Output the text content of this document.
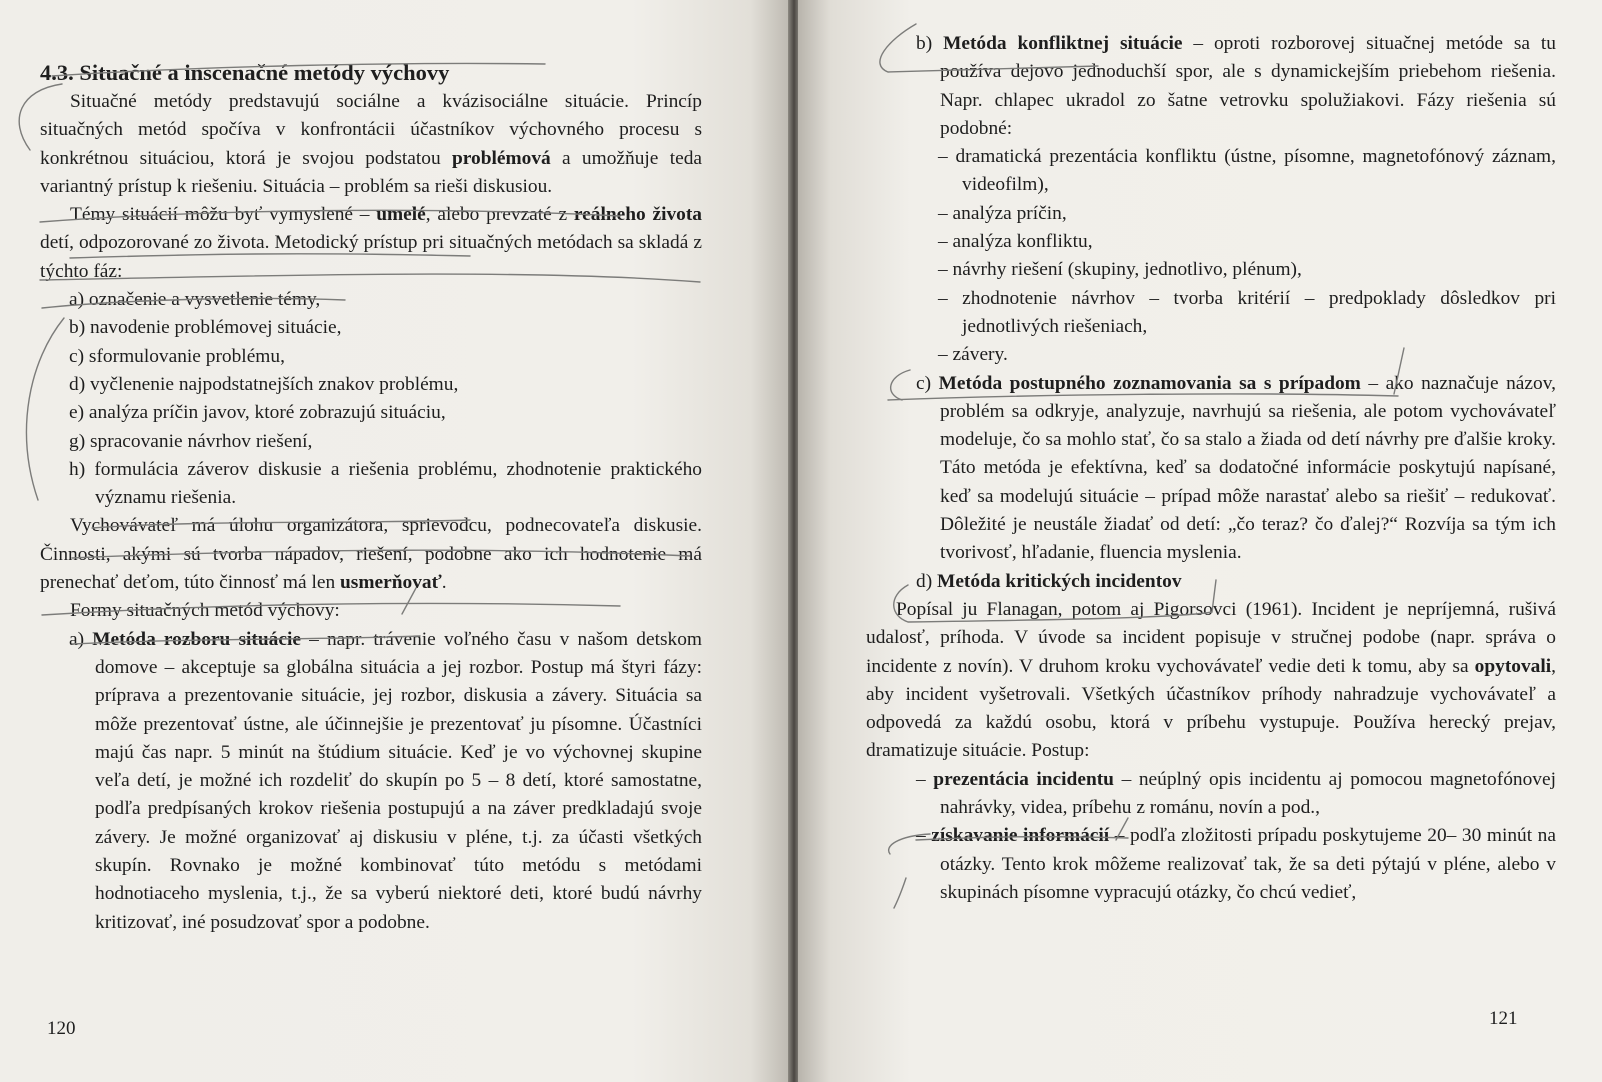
4.3. Situačné a inscenačné metódy výchovy

Situačné metódy predstavujú sociálne a kvázisociálne situácie. Princíp situačných metód spočíva v konfrontácii účastníkov výchovného procesu s konkrétnou situáciou, ktorá je svojou podstatou problémová a umožňuje teda variantný prístup k riešeniu. Situácia – problém sa rieši diskusiou.

Témy situácií môžu byť vymyslené – umelé, alebo prevzaté z reálneho života detí, odpozorované zo života. Metodický prístup pri situačných metódach sa skladá z týchto fáz:

a) označenie a vysvetlenie témy,

b) navodenie problémovej situácie,

c) sformulovanie problému,

d) vyčlenenie najpodstatnejších znakov problému,

e) analýza príčin javov, ktoré zobrazujú situáciu,

g) spracovanie návrhov riešení,

h) formulácia záverov diskusie a riešenia problému, zhodnotenie praktického významu riešenia.

Vychovávateľ má úlohu organizátora, sprievodcu, podnecovateľa diskusie. Činnosti, akými sú tvorba nápadov, riešení, podobne ako ich hodnotenie má prenechať deťom, túto činnosť má len usmerňovať.

Formy situačných metód výchovy:

a) Metóda rozboru situácie – napr. trávenie voľného času v našom detskom domove – akceptuje sa globálna situácia a jej rozbor. Postup má štyri fázy: príprava a prezentovanie situácie, jej rozbor, diskusia a závery. Situácia sa môže prezentovať ústne, ale účinnejšie je prezentovať ju písomne. Účastníci majú čas napr. 5 minút na štúdium situácie. Keď je vo výchovnej skupine veľa detí, je možné ich rozdeliť do skupín po 5 – 8 detí, ktoré samostatne, podľa predpísaných krokov riešenia postupujú a na záver predkladajú svoje závery. Je možné organizovať aj diskusiu v pléne, t.j. za účasti všetkých skupín. Rovnako je možné kombinovať túto metódu s metódami hodnotiaceho myslenia, t.j., že sa vyberú niektoré deti, ktoré budú návrhy kritizovať, iné posudzovať spor a podobne.

120

b) Metóda konfliktnej situácie – oproti rozborovej situačnej metóde sa tu používa dejovo jednoduchší spor, ale s dynamickejším priebehom riešenia. Napr. chlapec ukradol zo šatne vetrovku spolužiakovi. Fázy riešenia sú podobné:

– dramatická prezentácia konfliktu (ústne, písomne, magnetofónový záznam, videofilm),

– analýza príčin,

– analýza konfliktu,

– návrhy riešení (skupiny, jednotlivo, plénum),

– zhodnotenie návrhov – tvorba kritérií – predpoklady dôsledkov pri jednotlivých riešeniach,

– závery.

c) Metóda postupného zoznamovania sa s prípadom – ako naznačuje názov, problém sa odkryje, analyzuje, navrhujú sa riešenia, ale potom vychovávateľ modeluje, čo sa mohlo stať, čo sa stalo a žiada od detí návrhy pre ďalšie kroky. Táto metóda je efektívna, keď sa dodatočné informácie poskytujú napísané, keď sa modelujú situácie – prípad môže narastať alebo sa riešiť – redukovať. Dôležité je neustále žiadať od detí: „čo teraz? čo ďalej?“ Rozvíja sa tým ich tvorivosť, hľadanie, fluencia myslenia.

d) Metóda kritických incidentov

Popísal ju Flanagan, potom aj Pigorsovci (1961). Incident je nepríjemná, rušivá udalosť, príhoda. V úvode sa incident popisuje v stručnej podobe (napr. správa o incidente z novín). V druhom kroku vychovávateľ vedie deti k tomu, aby sa opytovali, aby incident vyšetrovali. Všetkých účastníkov príhody nahradzuje vychovávateľ a odpovedá za každú osobu, ktorá v príbehu vystupuje. Používa herecký prejav, dramatizuje situácie. Postup:

– prezentácia incidentu – neúplný opis incidentu aj pomocou magnetofónovej nahrávky, videa, príbehu z románu, novín a pod.,

– získavanie informácií – podľa zložitosti prípadu poskytujeme 20– 30 minút na otázky. Tento krok môžeme realizovať tak, že sa deti pýtajú v pléne, alebo v skupinách písomne vypracujú otázky, čo chcú vedieť,

121
